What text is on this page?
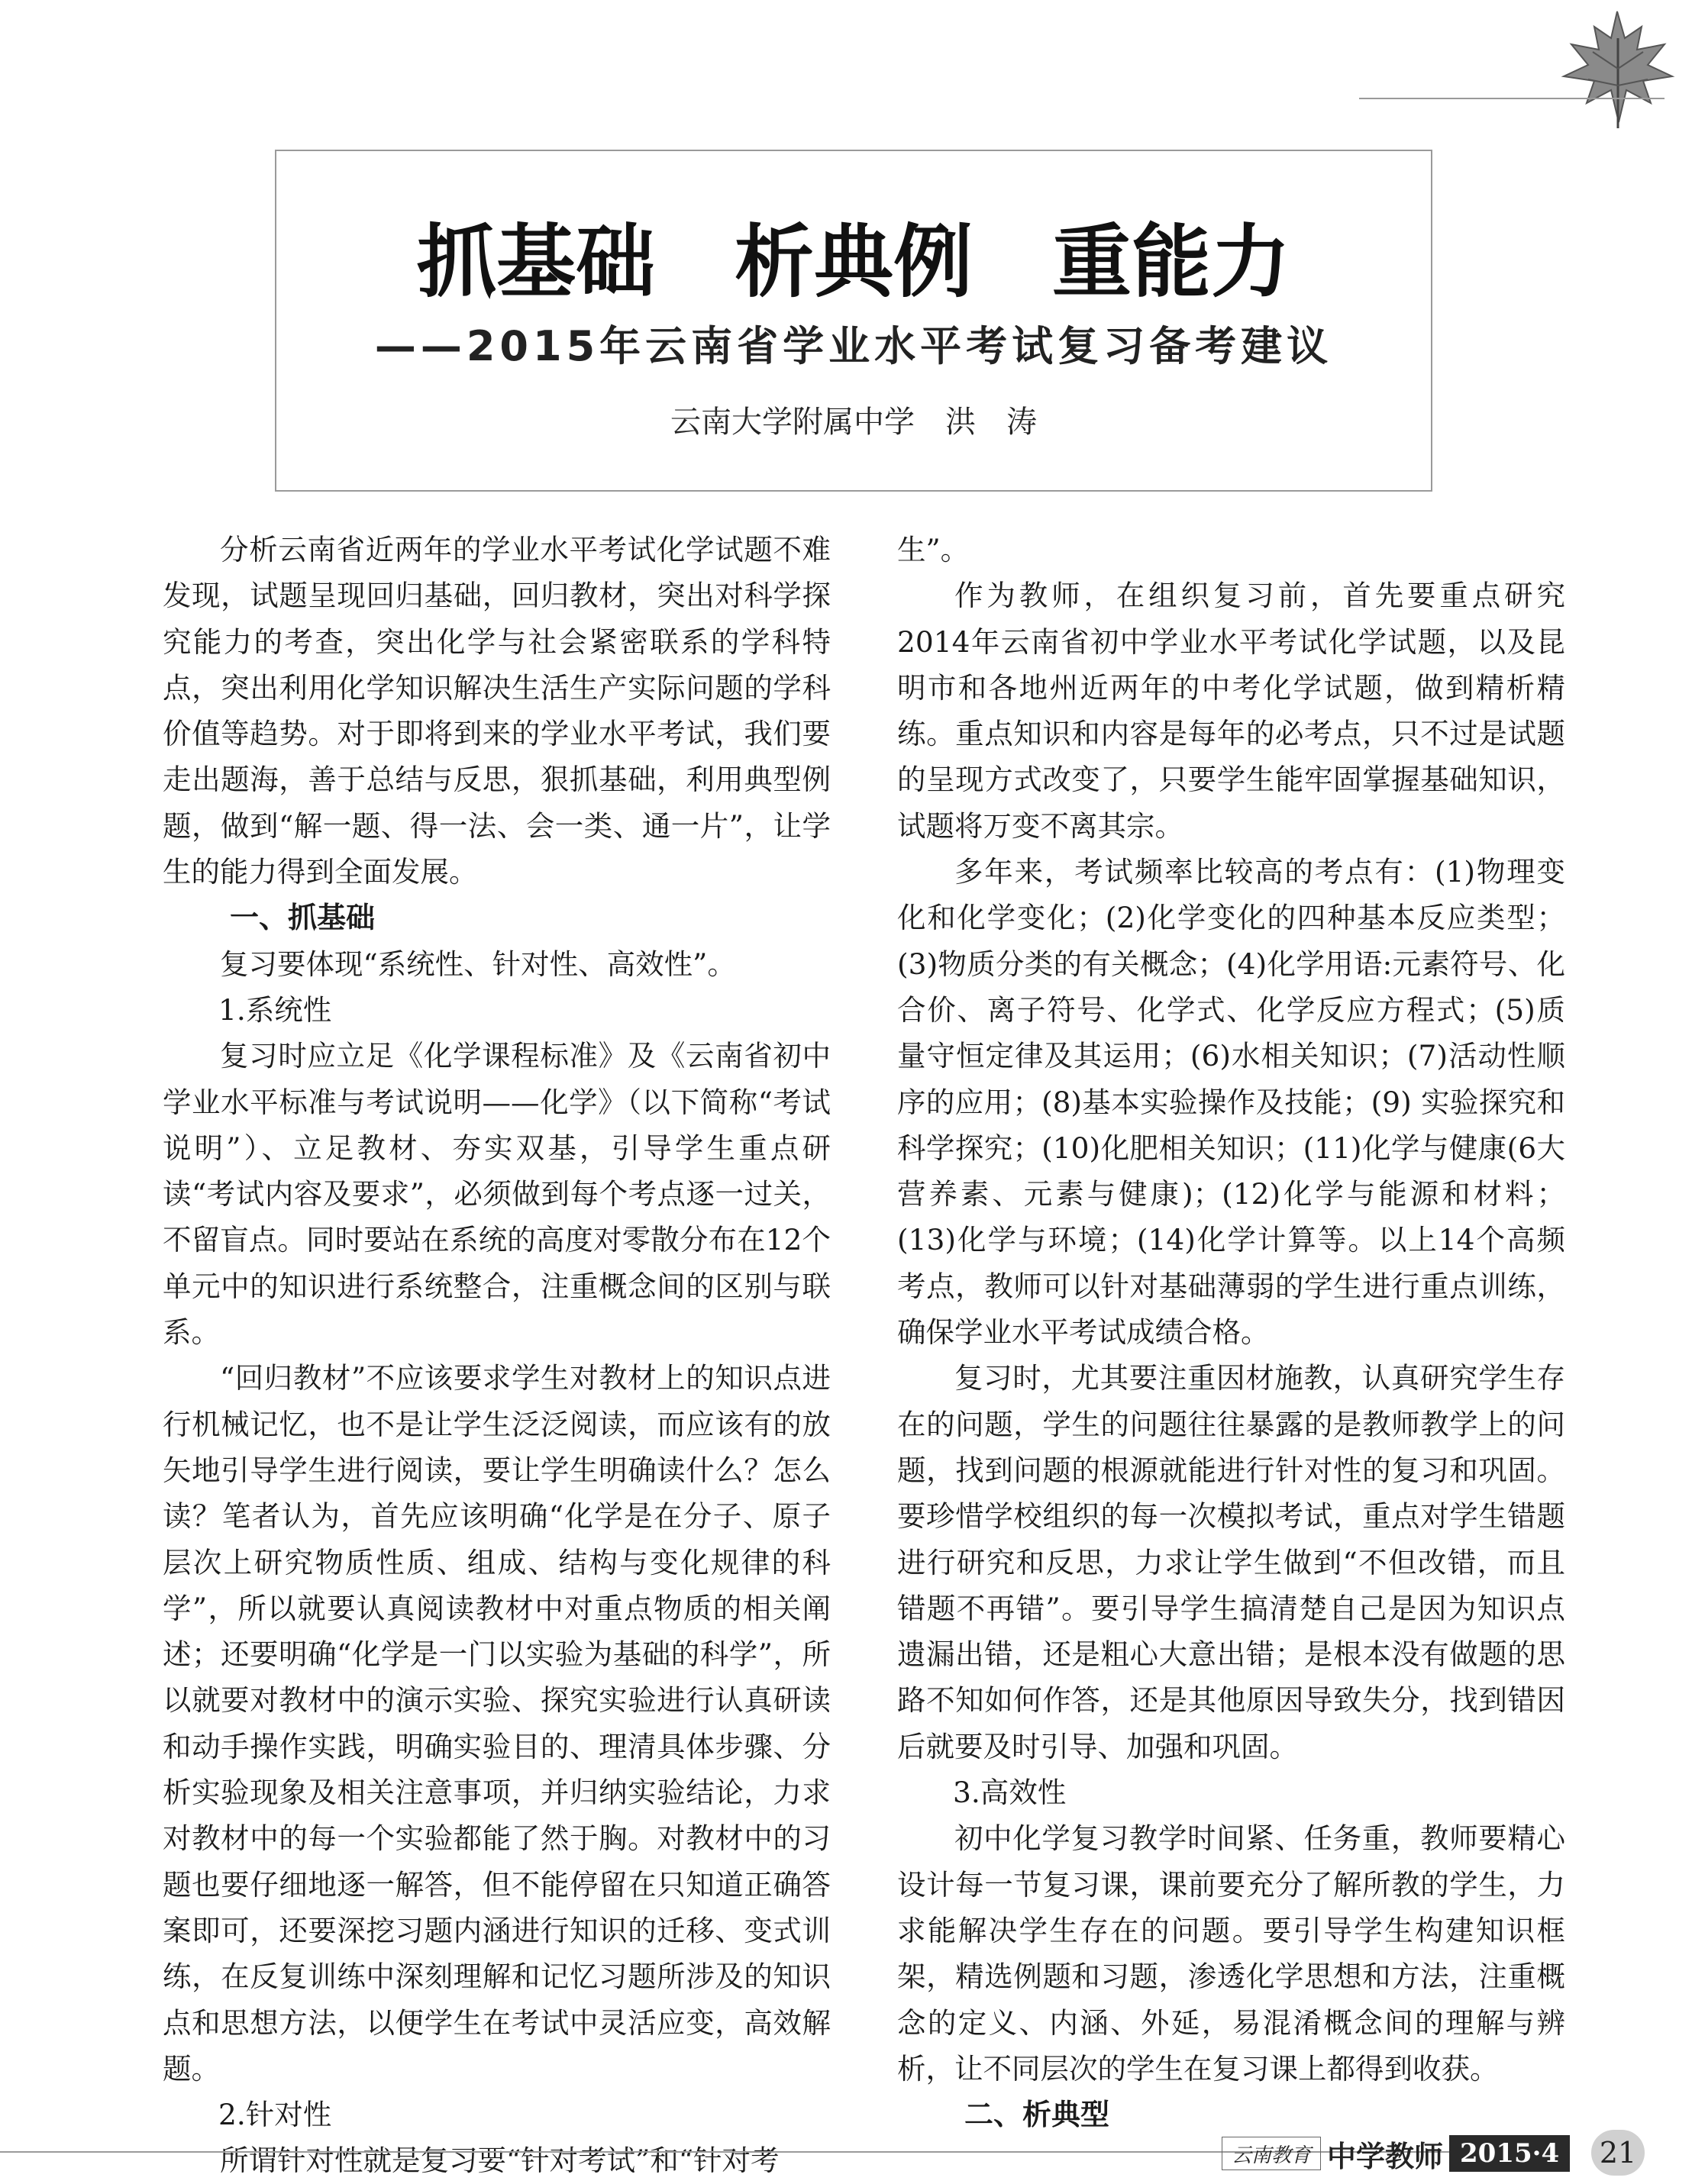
抓基础　析典例　重能力
——2015年云南省学业水平考试复习备考建议
云南大学附属中学　洪　涛

分析云南省近两年的学业水平考试化学试题不难发现，试题呈现回归基础，回归教材，突出对科学探究能力的考查，突出化学与社会紧密联系的学科特点，突出利用化学知识解决生活生产实际问题的学科价值等趋势。对于即将到来的学业水平考试，我们要走出题海，善于总结与反思，狠抓基础，利用典型例题，做到“解一题、得一法、会一类、通一片”，让学生的能力得到全面发展。

一、抓基础

复习要体现“系统性、针对性、高效性”。

1.系统性

复习时应立足《化学课程标准》及《云南省初中学业水平标准与考试说明——化学》（以下简称“考试说明”）、立足教材、夯实双基，引导学生重点研读“考试内容及要求”，必须做到每个考点逐一过关，不留盲点。同时要站在系统的高度对零散分布在12个单元中的知识进行系统整合，注重概念间的区别与联系。

“回归教材”不应该要求学生对教材上的知识点进行机械记忆，也不是让学生泛泛阅读，而应该有的放矢地引导学生进行阅读，要让学生明确读什么？怎么读？笔者认为，首先应该明确“化学是在分子、原子层次上研究物质性质、组成、结构与变化规律的科学”，所以就要认真阅读教材中对重点物质的相关阐述；还要明确“化学是一门以实验为基础的科学”，所以就要对教材中的演示实验、探究实验进行认真研读和动手操作实践，明确实验目的、理清具体步骤、分析实验现象及相关注意事项，并归纳实验结论，力求对教材中的每一个实验都能了然于胸。对教材中的习题也要仔细地逐一解答，但不能停留在只知道正确答案即可，还要深挖习题内涵进行知识的迁移、变式训练，在反复训练中深刻理解和记忆习题所涉及的知识点和思想方法，以便学生在考试中灵活应变，高效解题。

2.针对性

所谓针对性就是复习要“针对考试”和“针对考

生”。

作为教师，在组织复习前，首先要重点研究2014年云南省初中学业水平考试化学试题，以及昆明市和各地州近两年的中考化学试题，做到精析精练。重点知识和内容是每年的必考点，只不过是试题的呈现方式改变了，只要学生能牢固掌握基础知识，试题将万变不离其宗。

多年来，考试频率比较高的考点有：(1)物理变化和化学变化；(2)化学变化的四种基本反应类型；(3)物质分类的有关概念；(4)化学用语:元素符号、化合价、离子符号、化学式、化学反应方程式；(5)质量守恒定律及其运用；(6)水相关知识；(7)活动性顺序的应用；(8)基本实验操作及技能；(9) 实验探究和科学探究；(10)化肥相关知识；(11)化学与健康(6大营养素、元素与健康)；(12)化学与能源和材料；(13)化学与环境；(14)化学计算等。以上14个高频考点，教师可以针对基础薄弱的学生进行重点训练，确保学业水平考试成绩合格。

复习时，尤其要注重因材施教，认真研究学生存在的问题，学生的问题往往暴露的是教师教学上的问题，找到问题的根源就能进行针对性的复习和巩固。要珍惜学校组织的每一次模拟考试，重点对学生错题进行研究和反思，力求让学生做到“不但改错，而且错题不再错”。要引导学生搞清楚自己是因为知识点遗漏出错，还是粗心大意出错；是根本没有做题的思路不知如何作答，还是其他原因导致失分，找到错因后就要及时引导、加强和巩固。

3.高效性

初中化学复习教学时间紧、任务重，教师要精心设计每一节复习课，课前要充分了解所教的学生，力求能解决学生存在的问题。要引导学生构建知识框架，精选例题和习题，渗透化学思想和方法，注重概念的定义、内涵、外延，易混淆概念间的理解与辨析，让不同层次的学生在复习课上都得到收获。

二、析典型
云南教育 中学教师 2015·4	21
